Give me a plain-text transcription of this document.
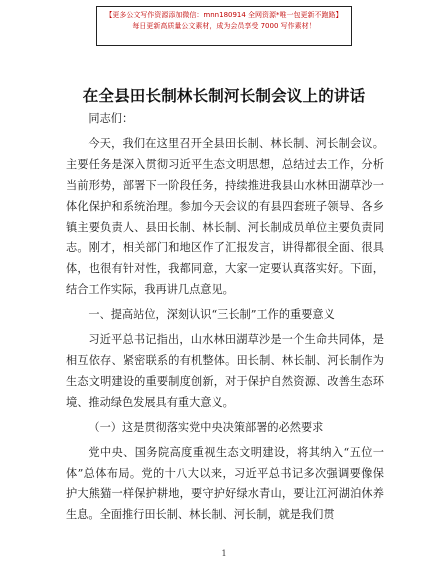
【更多公文写作资源添加微信：mnn180914 全网资源*唯一包更新不跑路】
每日更新高质量公文素材，成为会员享受 7000 写作素材！
在全县田长制林长制河长制会议上的讲话

同志们：

今天，我们在这里召开全县田长制、林长制、河长制会议。主要任务是深入贯彻习近平生态文明思想，总结过去工作，分析当前形势，部署下一阶段任务，持续推进我县山水林田湖草沙一体化保护和系统治理。参加今天会议的有县四套班子领导、各乡镇主要负责人、县田长制、林长制、河长制成员单位主要负责同志。刚才，相关部门和地区作了汇报发言，讲得都很全面、很具体，也很有针对性，我都同意，大家一定要认真落实好。下面，结合工作实际，我再讲几点意见。

一、提高站位，深刻认识“三长制”工作的重要意义

习近平总书记指出，山水林田湖草沙是一个生命共同体，是相互依存、紧密联系的有机整体。田长制、林长制、河长制作为生态文明建设的重要制度创新，对于保护自然资源、改善生态环境、推动绿色发展具有重大意义。

（一）这是贯彻落实党中央决策部署的必然要求

党中央、国务院高度重视生态文明建设，将其纳入“五位一体”总体布局。党的十八大以来，习近平总书记多次强调要像保护大熊猫一样保护耕地，要守护好绿水青山，要让江河湖泊休养生息。全面推行田长制、林长制、河长制，就是我们贯

1
